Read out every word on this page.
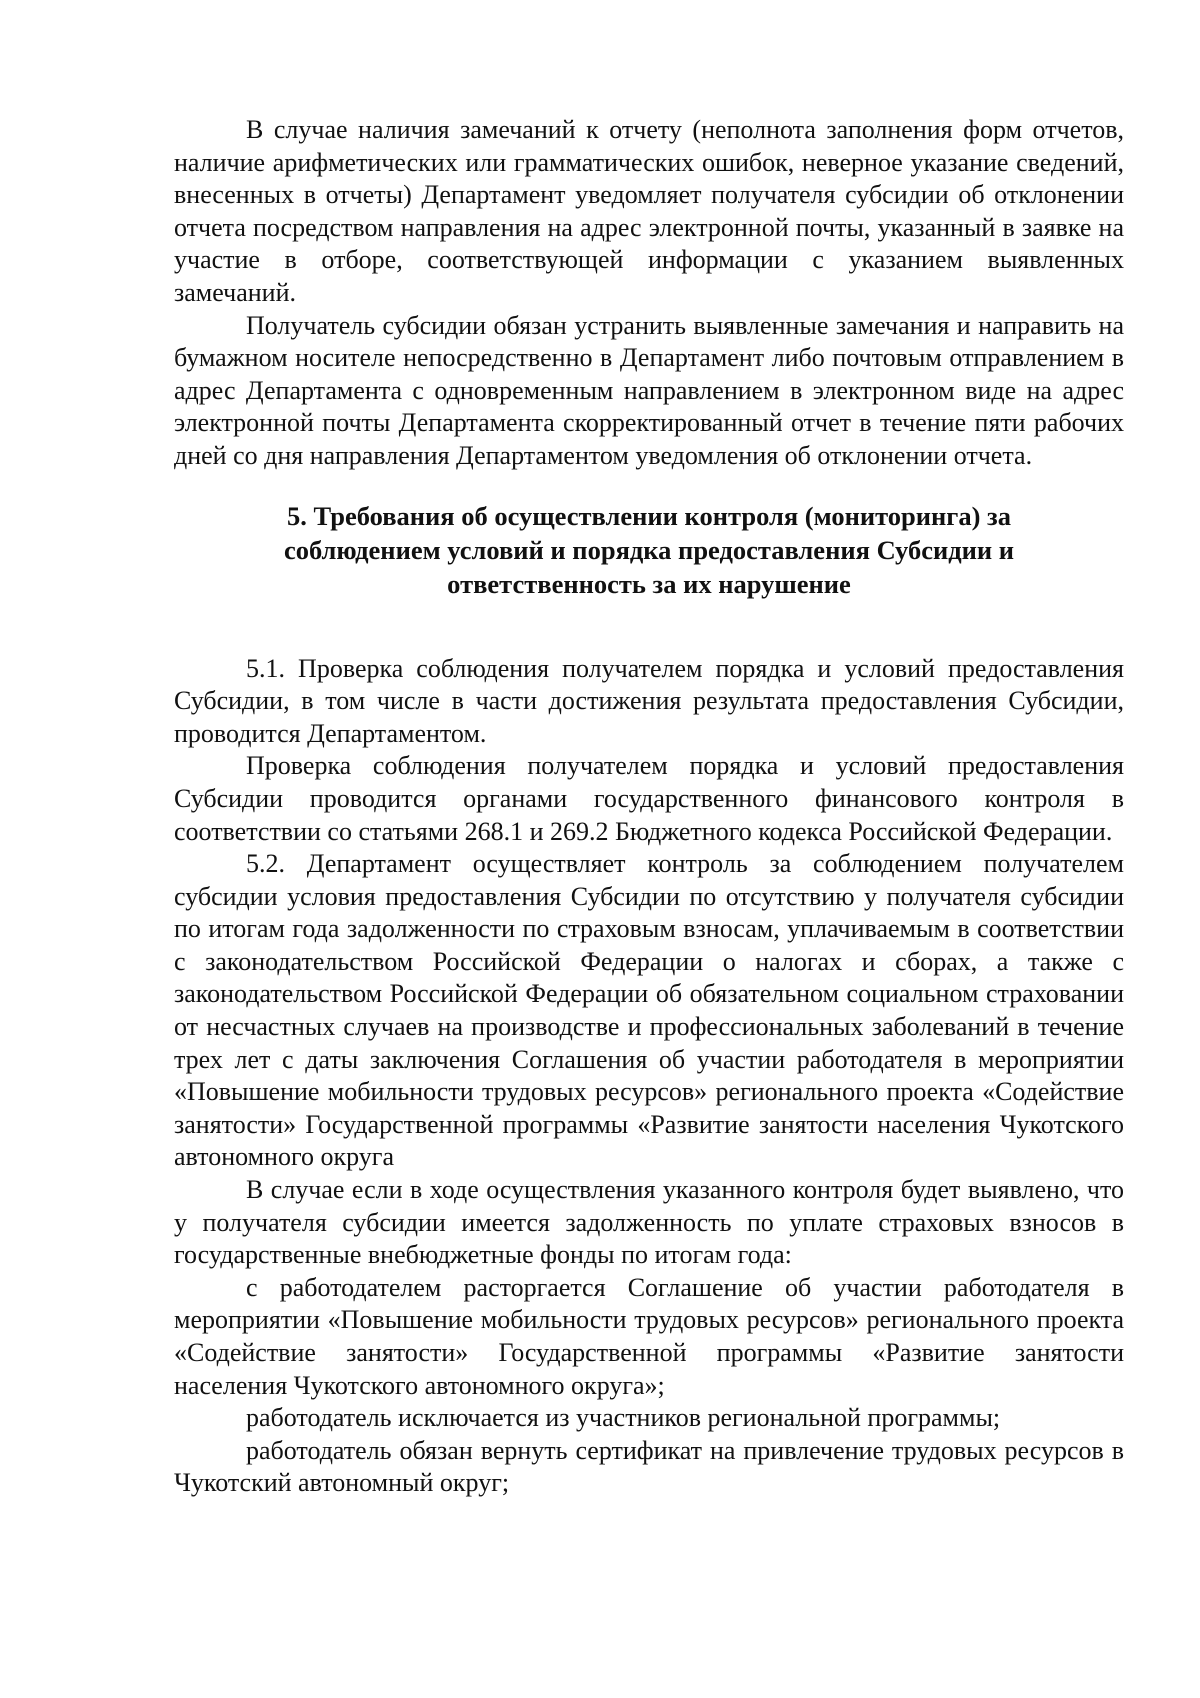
В случае наличия замечаний к отчету (неполнота заполнения форм отчетов, наличие арифметических или грамматических ошибок, неверное указание сведений, внесенных в отчеты) Департамент уведомляет получателя субсидии об отклонении отчета посредством направления на адрес электронной почты, указанный в заявке на участие в отборе, соответствующей информации с указанием выявленных замечаний.

Получатель субсидии обязан устранить выявленные замечания и направить на бумажном носителе непосредственно в Департамент либо почтовым отправлением в адрес Департамента с одновременным направлением в электронном виде на адрес электронной почты Департамента скорректированный отчет в течение пяти рабочих дней со дня направления Департаментом уведомления об отклонении отчета.

5. Требования об осуществлении контроля (мониторинга) за соблюдением условий и порядка предоставления Субсидии и ответственность за их нарушение

5.1. Проверка соблюдения получателем порядка и условий предоставления Субсидии, в том числе в части достижения результата предоставления Субсидии, проводится Департаментом.

Проверка соблюдения получателем порядка и условий предоставления Субсидии проводится органами государственного финансового контроля в соответствии со статьями 268.1 и 269.2 Бюджетного кодекса Российской Федерации.

5.2. Департамент осуществляет контроль за соблюдением получателем субсидии условия предоставления Субсидии по отсутствию у получателя субсидии по итогам года задолженности по страховым взносам, уплачиваемым в соответствии с законодательством Российской Федерации о налогах и сборах, а также с законодательством Российской Федерации об обязательном социальном страховании от несчастных случаев на производстве и профессиональных заболеваний в течение трех лет с даты заключения Соглашения об участии работодателя в мероприятии «Повышение мобильности трудовых ресурсов» регионального проекта «Содействие занятости» Государственной программы «Развитие занятости населения Чукотского автономного округа

В случае если в ходе осуществления указанного контроля будет выявлено, что у получателя субсидии имеется задолженность по уплате страховых взносов в государственные внебюджетные фонды по итогам года:

с работодателем расторгается Соглашение об участии работодателя в мероприятии «Повышение мобильности трудовых ресурсов» регионального проекта «Содействие занятости» Государственной программы «Развитие занятости населения Чукотского автономного округа»;

работодатель исключается из участников региональной программы;

работодатель обязан вернуть сертификат на привлечение трудовых ресурсов в Чукотский автономный округ;
